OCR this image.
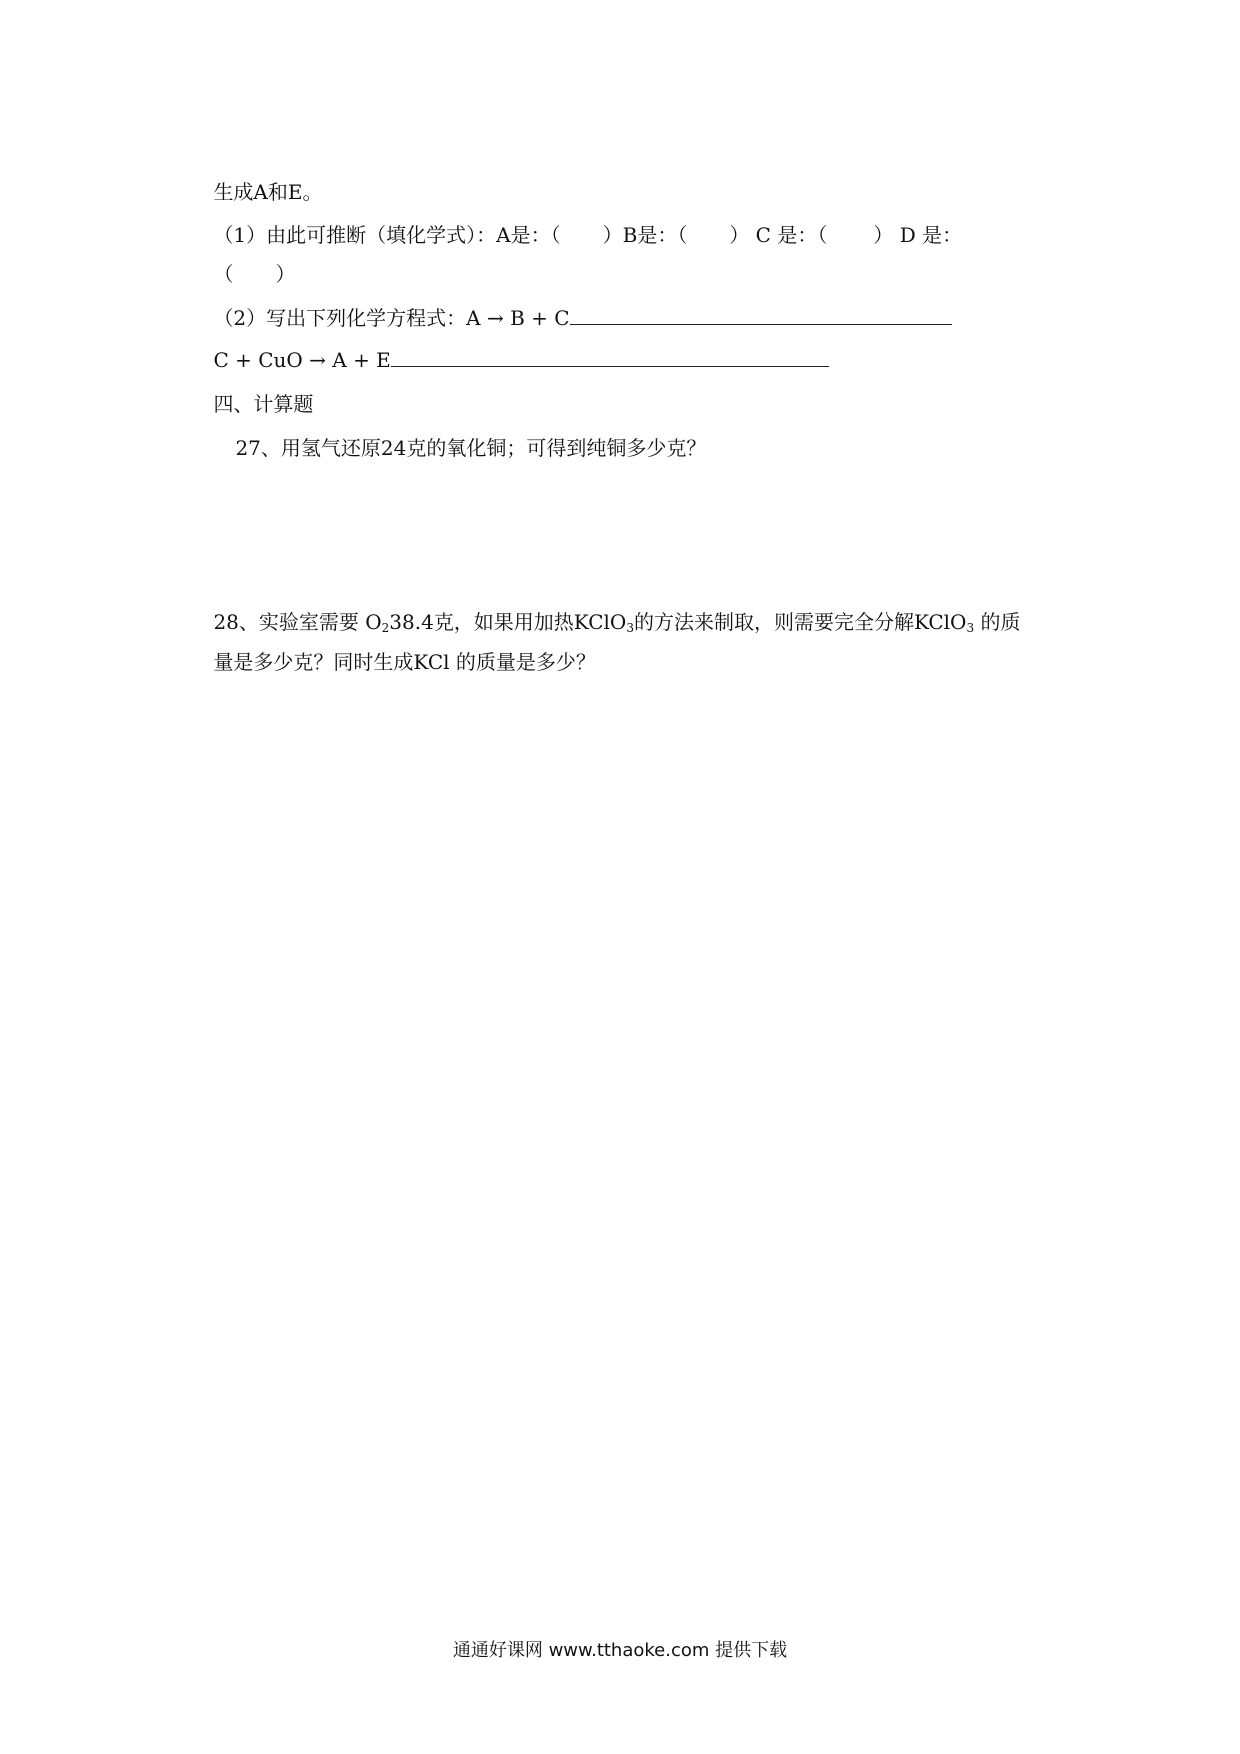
生成A和E。

（1）由此可推断（填化学式）：A是：（ ）B是：（ ） C 是：（ ） D 是：

（ ）

（2）写出下列化学方程式：A → B + C

C + CuO → A + E

四、计算题

27、用氢气还原24克的氧化铜；可得到纯铜多少克？

28、实验室需要 $O_238.4$克，如果用加热KClO$_3$的方法来制取，则需要完全分解KClO$_3$ 的质

量是多少克？同时生成KCl 的质量是多少？

通通好课网 www.tthaoke.com 提供下载
